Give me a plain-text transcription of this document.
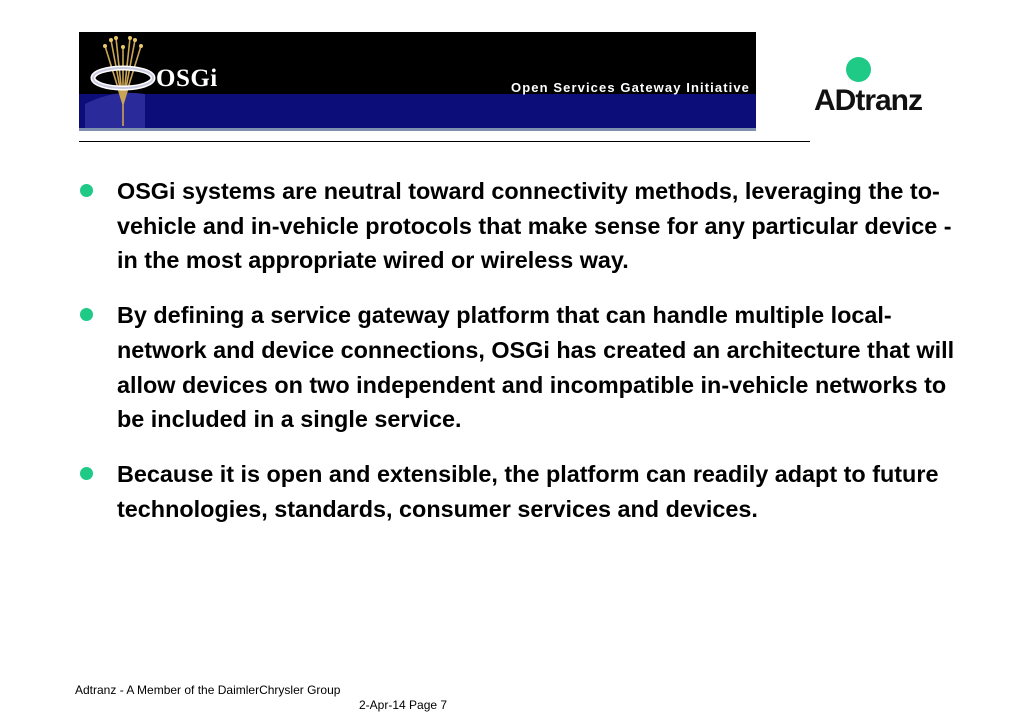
OSGi	Open Services Gateway Initiative ADtranz
OSGi systems are neutral toward connectivity methods, leveraging the to-vehicle and in-vehicle protocols that make sense for any particular device - in the most appropriate wired or wireless way.
By defining a service gateway platform that can handle multiple local-network and device connections, OSGi has created an architecture that will allow devices on two independent and incompatible in-vehicle networks to be included in a single service.
Because it is open and extensible, the platform can readily adapt to future technologies, standards, consumer services and devices.
Adtranz - A Member of the DaimlerChrysler Group
2-Apr-14 Page 7
